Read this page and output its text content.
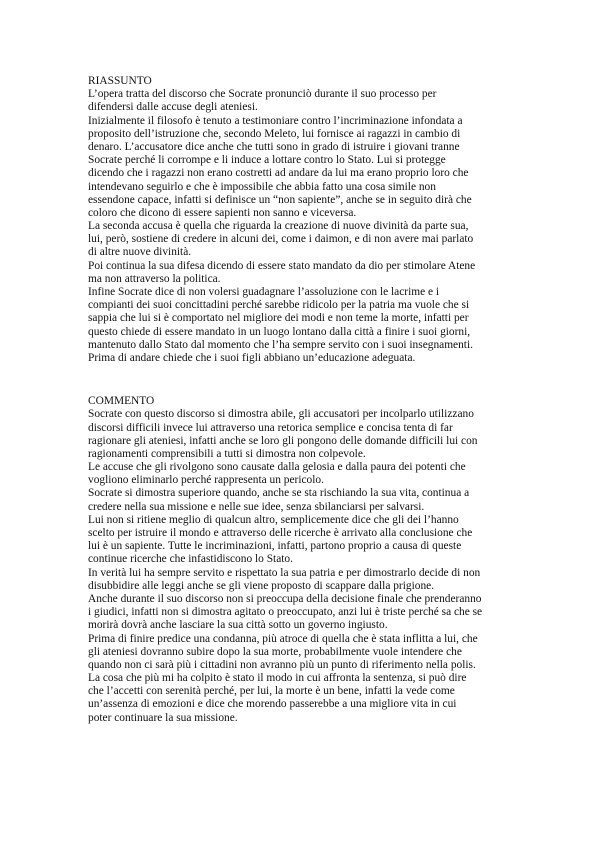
RIASSUNTO
L’opera tratta del discorso che Socrate pronunciò durante il suo processo per
difendersi dalle accuse degli ateniesi.
Inizialmente il filosofo è tenuto a testimoniare contro l’incriminazione infondata a
proposito dell’istruzione che, secondo Meleto, lui fornisce ai ragazzi in cambio di
denaro. L’accusatore dice anche che tutti sono in grado di istruire i giovani tranne
Socrate perché li corrompe e li induce a lottare contro lo Stato. Lui si protegge
dicendo che i ragazzi non erano costretti ad andare da lui ma erano proprio loro che
intendevano seguirlo e che è impossibile che abbia fatto una cosa simile non
essendone capace, infatti si definisce un “non sapiente”, anche se in seguito dirà che
coloro che dicono di essere sapienti non sanno e viceversa.
La seconda accusa è quella che riguarda la creazione di nuove divinità da parte sua,
lui, però, sostiene di credere in alcuni dei, come i daimon, e di non avere mai parlato
di altre nuove divinità.
Poi continua la sua difesa dicendo di essere stato mandato da dio per stimolare Atene
ma non attraverso la politica.
Infine Socrate dice di non volersi guadagnare l’assoluzione con le lacrime e i
compianti dei suoi concittadini perché sarebbe ridicolo per la patria ma vuole che si
sappia che lui si è comportato nel migliore dei modi e non teme la morte, infatti per
questo chiede di essere mandato in un luogo lontano dalla città a finire i suoi giorni,
mantenuto dallo Stato dal momento che l’ha sempre servito con i suoi insegnamenti.
Prima di andare chiede che i suoi figli abbiano un’educazione adeguata.
COMMENTO
Socrate con questo discorso si dimostra abile, gli accusatori per incolparlo utilizzano
discorsi difficili invece lui attraverso una retorica semplice e concisa tenta di far
ragionare gli ateniesi, infatti anche se loro gli pongono delle domande difficili lui con
ragionamenti comprensibili a tutti si dimostra non colpevole.
Le accuse che gli rivolgono sono causate dalla gelosia e dalla paura dei potenti che
vogliono eliminarlo perché rappresenta un pericolo.
Socrate si dimostra superiore quando, anche se sta rischiando la sua vita, continua a
credere nella sua missione e nelle sue idee, senza sbilanciarsi per salvarsi.
Lui non si ritiene meglio di qualcun altro, semplicemente dice che gli dei l’hanno
scelto per istruire il mondo e attraverso delle ricerche è arrivato alla conclusione che
lui è un sapiente. Tutte le incriminazioni, infatti, partono proprio a causa di queste
continue ricerche che infastidiscono lo Stato.
In verità lui ha sempre servito e rispettato la sua patria e per dimostrarlo decide di non
disubbidire alle leggi anche se gli viene proposto di scappare dalla prigione.
Anche durante il suo discorso non si preoccupa della decisione finale che prenderanno
i giudici, infatti non si dimostra agitato o preoccupato, anzi lui è triste perché sa che se
morirà dovrà anche lasciare la sua città sotto un governo ingiusto.
Prima di finire predice una condanna, più atroce di quella che è stata inflitta a lui, che
gli ateniesi dovranno subire dopo la sua morte, probabilmente vuole intendere che
quando non ci sarà più i cittadini non avranno più un punto di riferimento nella polis.
La cosa che più mi ha colpito è stato il modo in cui affronta la sentenza, si può dire
che l’accetti con serenità perché, per lui, la morte è un bene, infatti la vede come
un’assenza di emozioni e dice che morendo passerebbe a una migliore vita in cui
poter continuare la sua missione.
